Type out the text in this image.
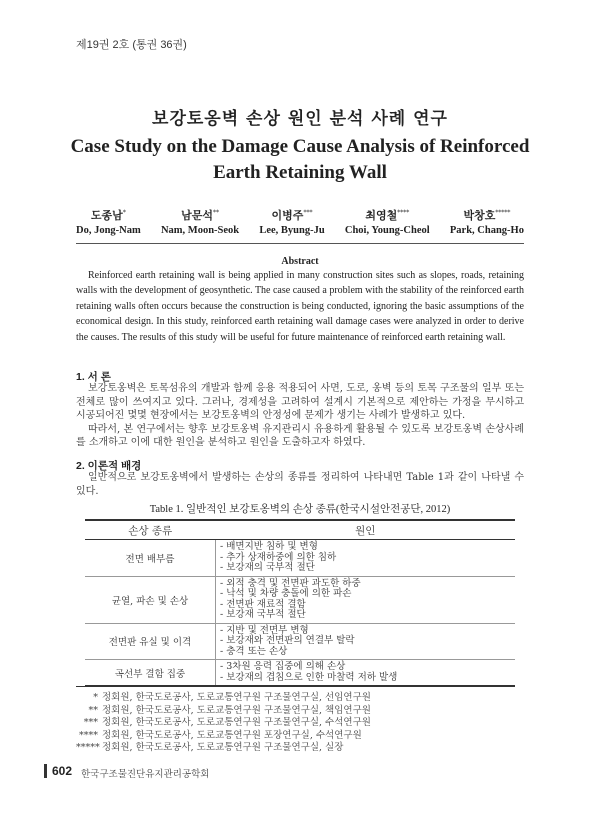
제19권 2호 (통권 36권)
보강토옹벽 손상 원인 분석 사례 연구
Case Study on the Damage Cause Analysis of Reinforced Earth Retaining Wall
도종남*
Do, Jong-Nam
남문석**
Nam, Moon-Seok
이병주***
Lee, Byung-Ju
최영철****
Choi, Young-Cheol
박창호*****
Park, Chang-Ho
Abstract
Reinforced earth retaining wall is being applied in many construction sites such as slopes, roads, retaining walls with the development of geosynthetic. The case caused a problem with the stability of the reinforced earth retaining walls often occurs because the construction is being conducted, ignoring the basic assumptions of the economical design. In this study, reinforced earth retaining wall damage cases were analyzed in order to derive the causes. The results of this study will be useful for future maintenance of reinforced earth retaining wall.
1. 서 론

보강토옹벽은 토목섬유의 개발과 함께 응용 적용되어 사면, 도로, 옹벽 등의 토목 구조물의 일부 또는 전체로 많이 쓰여지고 있다. 그러나, 경제성을 고려하여 설계시 기본적으로 제안하는 가정을 무시하고 시공되어진 몇몇 현장에서는 보강토옹벽의 안정성에 문제가 생기는 사례가 발생하고 있다.

따라서, 본 연구에서는 향후 보강토옹벽 유지관리시 유용하게 활용될 수 있도록 보강토옹벽 손상사례를 소개하고 이에 대한 원인을 분석하고 원인을 도출하고자 하였다.

2. 이론적 배경

일반적으로 보강토옹벽에서 발생하는 손상의 종류를 정리하여 나타내면 Table 1과 같이 나타낼 수 있다.

Table 1. 일반적인 보강토옹벽의 손상 종류(한국시설안전공단, 2012)
손상 종류	원인
전면 배부름	- 배면지반 침하 및 변형
- 추가 상재하중에 의한 침하
- 보강재의 국부적 절단

균열, 파손 및 손상	- 외적 충격 및 전면판 과도한 하중
- 낙석 및 차량 충돌에 의한 파손
- 전면판 재료적 결함
- 보강재 국부적 절단

전면판 유실 및 이격	- 지반 및 전면부 변형
- 보강재와 전면판의 연결부 탈락
- 충격 또는 손상

곡선부 결함 집중	- 3차원 응력 집중에 의해 손상
- 보강재의 겹침으로 인한 마찰력 저하 발생
* 정회원, 한국도로공사, 도로교통연구원 구조물연구실, 선임연구원
** 정회원, 한국도로공사, 도로교통연구원 구조물연구실, 책임연구원
*** 정회원, 한국도로공사, 도로교통연구원 구조물연구실, 수석연구원
**** 정회원, 한국도로공사, 도로교통연구원 포장연구실, 수석연구원
***** 정회원, 한국도로공사, 도로교통연구원 구조물연구실, 실장
602 한국구조물진단유지관리공학회
